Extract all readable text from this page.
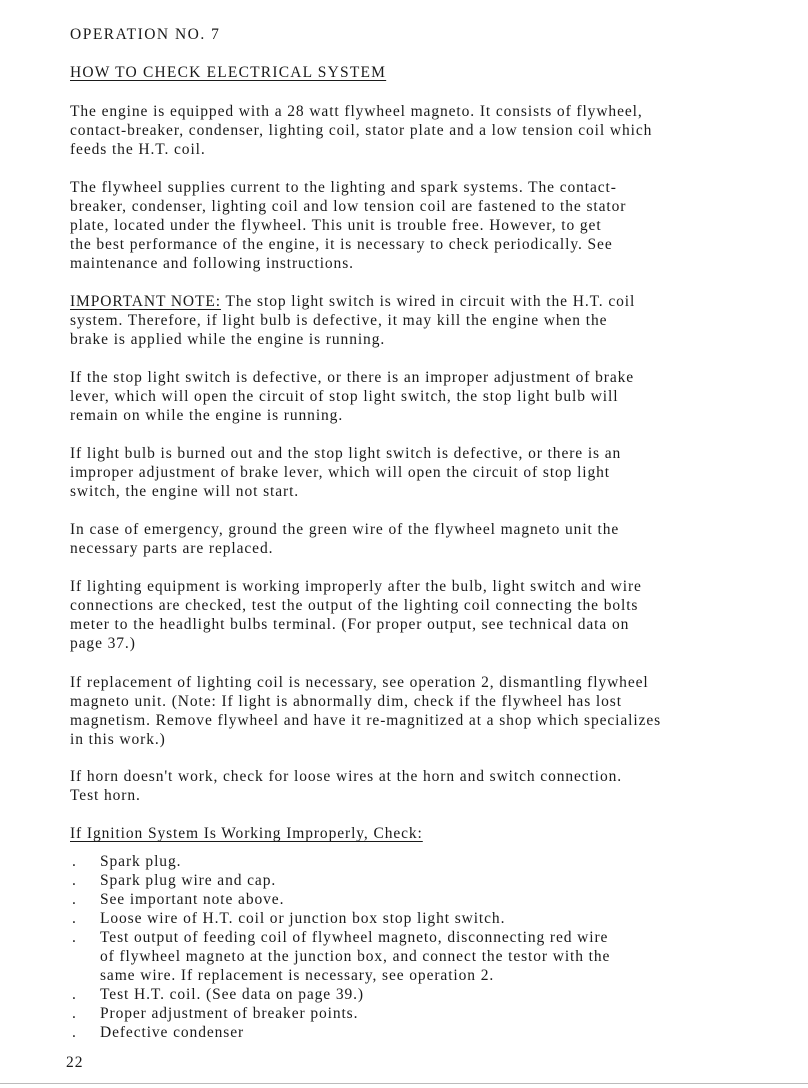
OPERATION NO. 7
HOW TO CHECK ELECTRICAL SYSTEM

The engine is equipped with a 28 watt flywheel magneto. It consists of flywheel,
contact-breaker, condenser, lighting coil, stator plate and a low tension coil which
feeds the H.T. coil.

The flywheel supplies current to the lighting and spark systems. The contact-
breaker, condenser, lighting coil and low tension coil are fastened to the stator
plate, located under the flywheel. This unit is trouble free. However, to get
the best performance of the engine, it is necessary to check periodically. See
maintenance and following instructions.

IMPORTANT NOTE: The stop light switch is wired in circuit with the H.T. coil
system. Therefore, if light bulb is defective, it may kill the engine when the
brake is applied while the engine is running.

If the stop light switch is defective, or there is an improper adjustment of brake
lever, which will open the circuit of stop light switch, the stop light bulb will
remain on while the engine is running.

If light bulb is burned out and the stop light switch is defective, or there is an
improper adjustment of brake lever, which will open the circuit of stop light
switch, the engine will not start.

In case of emergency, ground the green wire of the flywheel magneto unit the
necessary parts are replaced.

If lighting equipment is working improperly after the bulb, light switch and wire
connections are checked, test the output of the lighting coil connecting the bolts
meter to the headlight bulbs terminal. (For proper output, see technical data on
page 37.)

If replacement of lighting coil is necessary, see operation 2, dismantling flywheel
magneto unit. (Note: If light is abnormally dim, check if the flywheel has lost
magnetism. Remove flywheel and have it re-magnitized at a shop which specializes
in this work.)

If horn doesn't work, check for loose wires at the horn and switch connection.
Test horn.

If Ignition System Is Working Improperly, Check:
. Spark plug.
. Spark plug wire and cap.
. See important note above.
. Loose wire of H.T. coil or junction box stop light switch.
. Test output of feeding coil of flywheel magneto, disconnecting red wire
of flywheel magneto at the junction box, and connect the testor with the
same wire. If replacement is necessary, see operation 2.
. Test H.T. coil. (See data on page 39.)
. Proper adjustment of breaker points.
. Defective condenser
22
